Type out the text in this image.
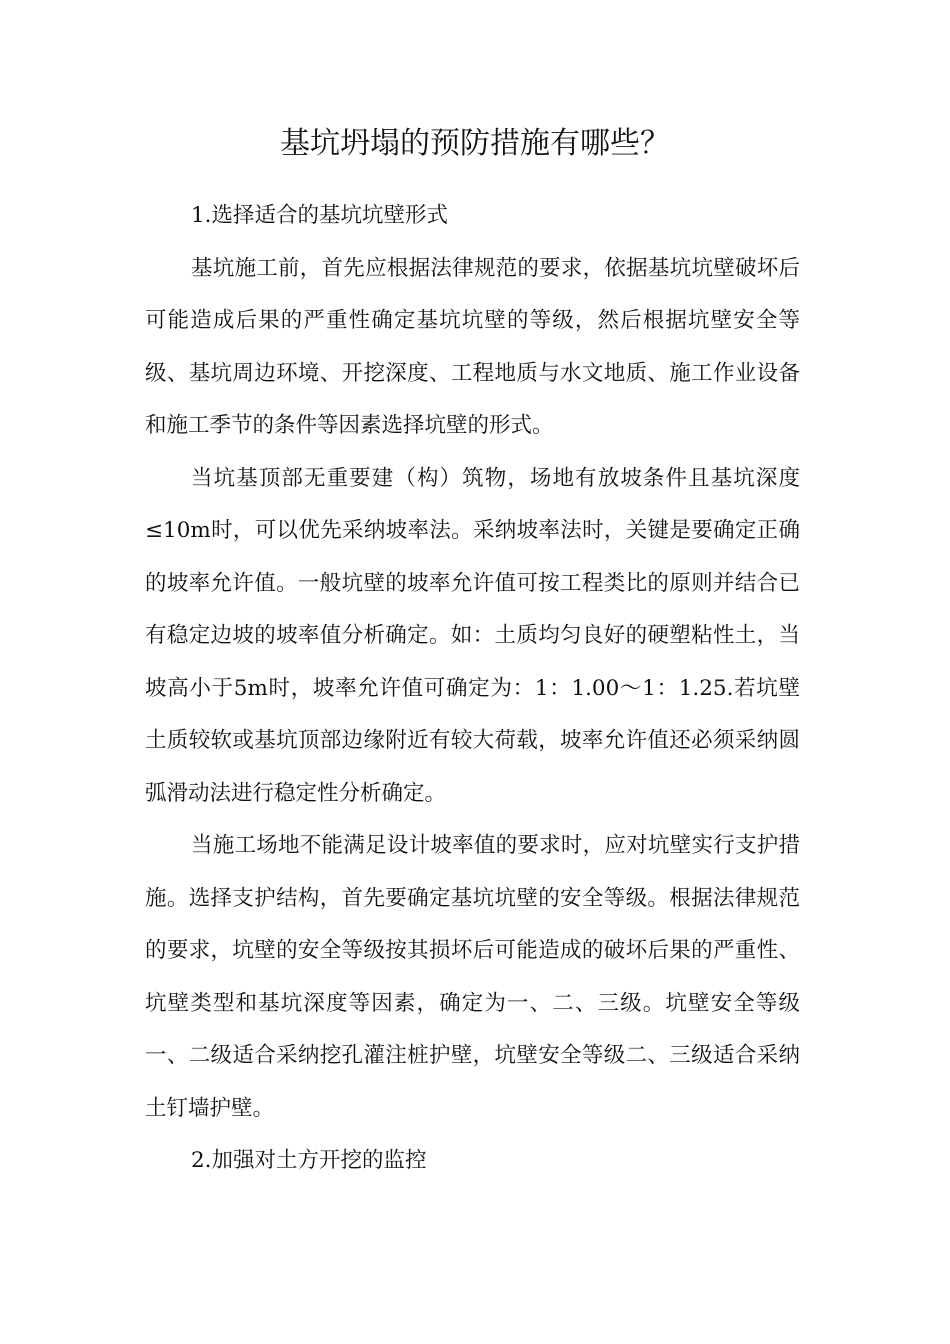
基坑坍塌的预防措施有哪些？

1.选择适合的基坑坑壁形式

基坑施工前，首先应根据法律规范的要求，依据基坑坑壁破坏后可能造成后果的严重性确定基坑坑壁的等级，然后根据坑壁安全等级、基坑周边环境、开挖深度、工程地质与水文地质、施工作业设备和施工季节的条件等因素选择坑壁的形式。

当坑基顶部无重要建（构）筑物，场地有放坡条件且基坑深度≤10m时，可以优先采纳坡率法。采纳坡率法时，关键是要确定正确的坡率允许值。一般坑壁的坡率允许值可按工程类比的原则并结合已有稳定边坡的坡率值分析确定。如：土质均匀良好的硬塑粘性土，当坡高小于5m时，坡率允许值可确定为：1：1.00～1：1.25.若坑壁土质较软或基坑顶部边缘附近有较大荷载，坡率允许值还必须采纳圆弧滑动法进行稳定性分析确定。

当施工场地不能满足设计坡率值的要求时，应对坑壁实行支护措施。选择支护结构，首先要确定基坑坑壁的安全等级。根据法律规范的要求，坑壁的安全等级按其损坏后可能造成的破坏后果的严重性、坑壁类型和基坑深度等因素，确定为一、二、三级。坑壁安全等级一、二级适合采纳挖孔灌注桩护壁，坑壁安全等级二、三级适合采纳土钉墙护壁。

2.加强对土方开挖的监控
